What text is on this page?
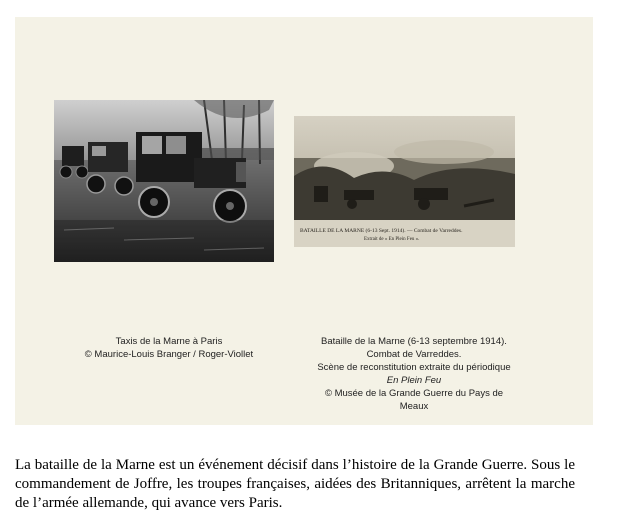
BATAILLE DE LA MARNE (6-13 Sept. 1914). — Combat de Varreddes.
Extrait de « En Plein Feu ».
Taxis de la Marne à Paris
© Maurice-Louis Branger / Roger-Viollet
Bataille de la Marne (6-13 septembre 1914).
Combat de Varreddes.
Scène de reconstitution extraite du périodique
En Plein Feu
© Musée de la Grande Guerre du Pays de
Meaux

La bataille de la Marne est un événement décisif dans l’histoire de la Grande Guerre. Sous le commandement de Joffre, les troupes françaises, aidées des Britanniques, arrêtent la marche de l’armée allemande, qui avance vers Paris.
